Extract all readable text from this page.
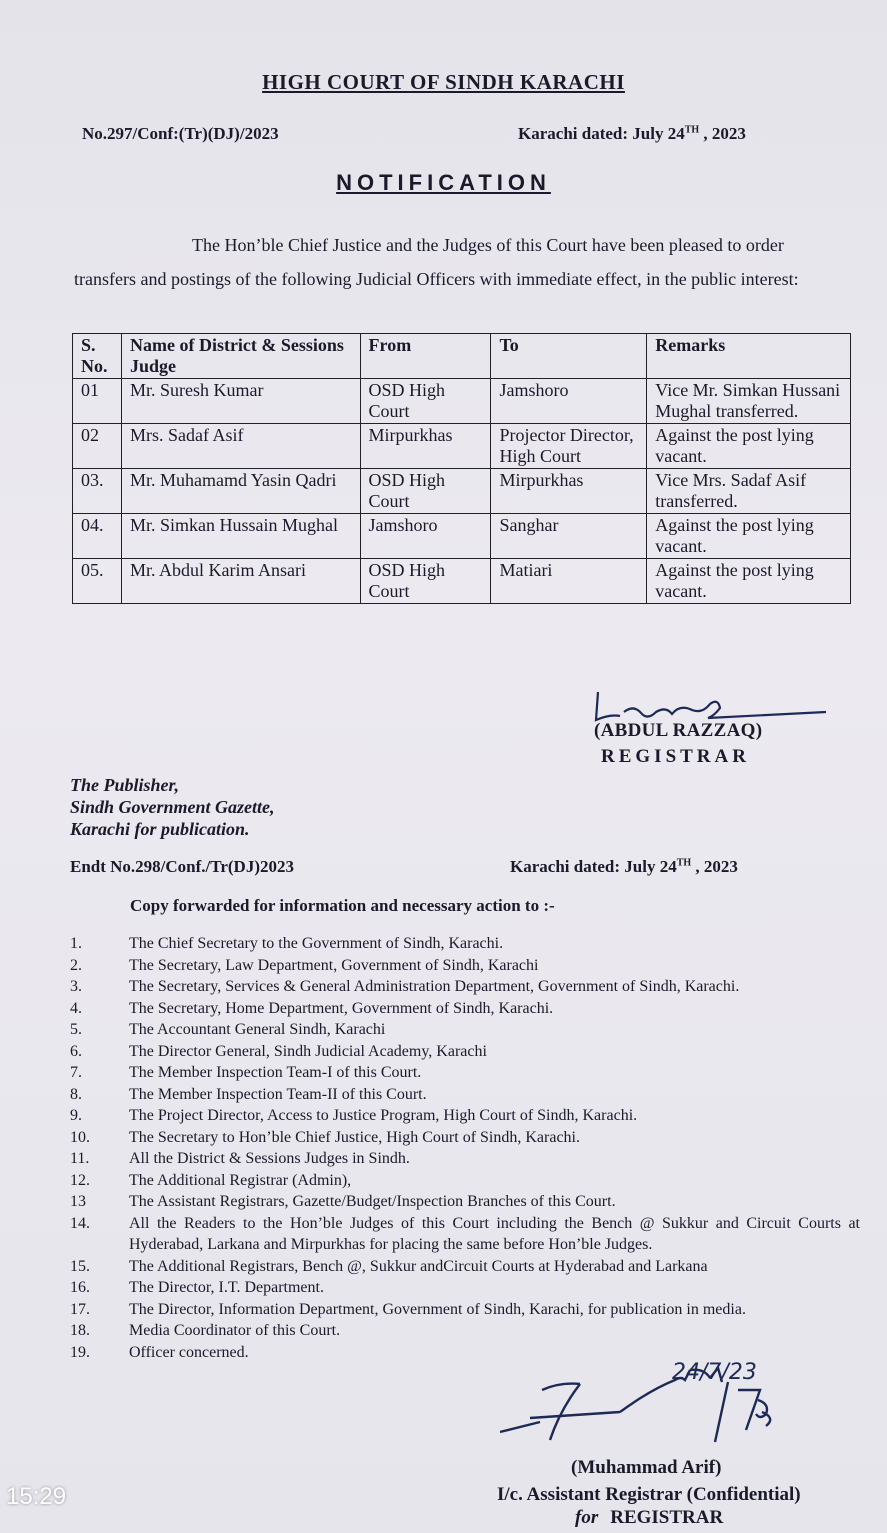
HIGH COURT OF SINDH KARACHI
No.297/Conf:(Tr)(DJ)/2023	Karachi dated: July 24TH , 2023
NOTIFICATION
The Hon’ble Chief Justice and the Judges of this Court have been pleased to order transfers and postings of the following Judicial Officers with immediate effect, in the public interest:
S. No.	Name of District & Sessions Judge	From	To	Remarks
01	Mr. Suresh Kumar	OSD High Court	Jamshoro	Vice Mr. Simkan Hussani Mughal transferred.
02	Mrs. Sadaf Asif	Mirpurkhas	Projector Director, High Court	Against the post lying vacant.
03.	Mr. Muhamamd Yasin Qadri	OSD High Court	Mirpurkhas	Vice Mrs. Sadaf Asif transferred.
04.	Mr. Simkan Hussain Mughal	Jamshoro	Sanghar	Against the post lying vacant.
05.	Mr. Abdul Karim Ansari	OSD High Court	Matiari	Against the post lying vacant.
(ABDUL RAZZAQ)
REGISTRAR
The Publisher,
Sindh Government Gazette,
Karachi for publication.
Endt No.298/Conf./Tr(DJ)2023	Karachi dated: July 24TH , 2023
Copy forwarded for information and necessary action to :-
1.	The Chief Secretary to the Government of Sindh, Karachi.
2.	The Secretary, Law Department, Government of Sindh, Karachi
3.	The Secretary, Services & General Administration Department, Government of Sindh, Karachi.
4.	The Secretary, Home Department, Government of Sindh, Karachi.
5.	The Accountant General Sindh, Karachi
6.	The Director General, Sindh Judicial Academy, Karachi
7.	The Member Inspection Team-I of this Court.
8.	The Member Inspection Team-II of this Court.
9.	The Project Director, Access to Justice Program, High Court of Sindh, Karachi.
10.	The Secretary to Hon’ble Chief Justice, High Court of Sindh, Karachi.
11.	All the District & Sessions Judges in Sindh.
12.	The Additional Registrar (Admin),
13	The Assistant Registrars, Gazette/Budget/Inspection Branches of this Court.
14.	All the Readers to the Hon’ble Judges of this Court including the Bench @ Sukkur and Circuit Courts at Hyderabad, Larkana and Mirpurkhas for placing the same before Hon’ble Judges.
15.	The Additional Registrars, Bench @, Sukkur andCircuit Courts at Hyderabad and Larkana
16.	The Director, I.T. Department.
17.	The Director, Information Department, Government of Sindh, Karachi, for publication in media.
18.	Media Coordinator of this Court.
19.	Officer concerned.
24/7/23
(Muhammad Arif)
I/c. Assistant Registrar (Confidential)
for REGISTRAR
15:29
